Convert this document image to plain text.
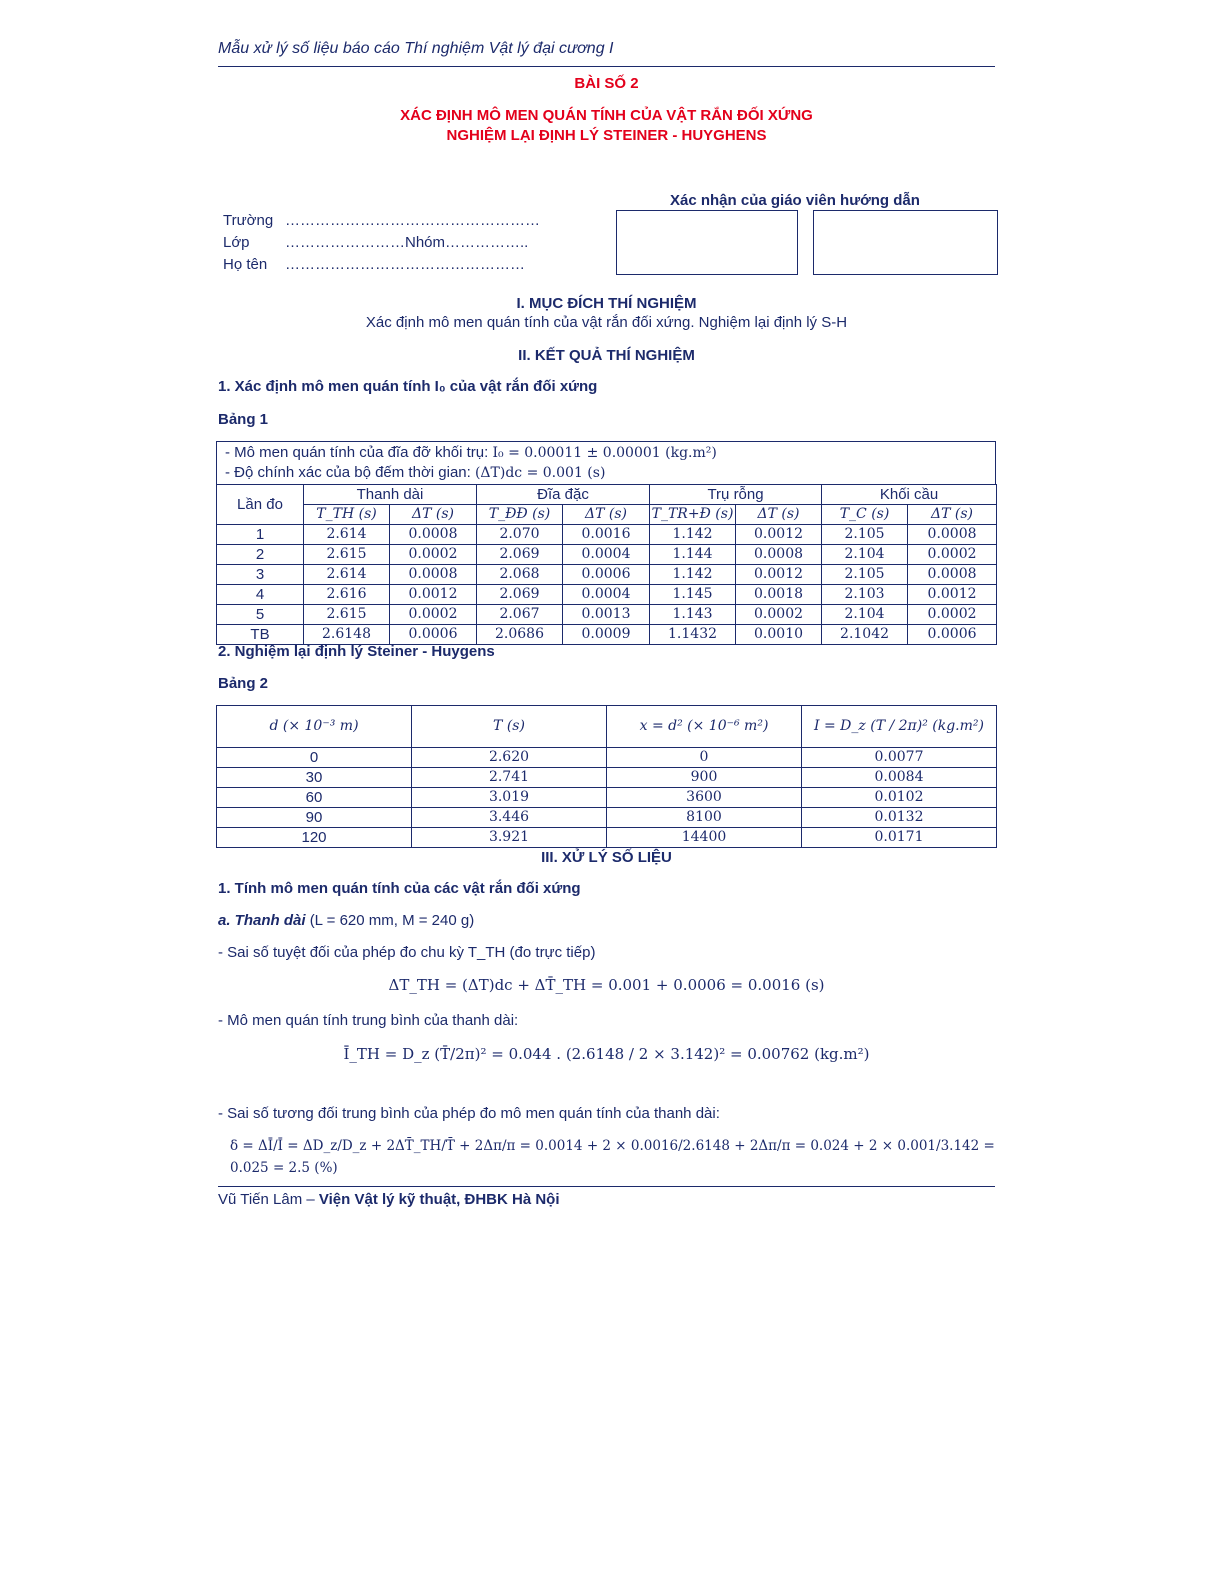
Mẫu xử lý số liệu báo cáo Thí nghiệm Vật lý đại cương I
BÀI SỐ 2
XÁC ĐỊNH MÔ MEN QUÁN TÍNH CỦA VẬT RẮN ĐỐI XỨNG
NGHIỆM LẠI ĐỊNH LÝ STEINER - HUYGHENS
Trường ……………………………………………
Lớp ……………………Nhóm……………..
Họ tên …………………………………………
Xác nhận của giáo viên hướng dẫn
I. MỤC ĐÍCH THÍ NGHIỆM
Xác định mô men quán tính của vật rắn đối xứng. Nghiệm lại định lý S-H
II. KẾT QUẢ THÍ NGHIỆM
1. Xác định mô men quán tính I₀ của vật rắn đối xứng
Bảng 1
- Mô men quán tính của đĩa đỡ khối trụ: I₀ = 0.00011 ± 0.00001 (kg.m²)
- Độ chính xác của bộ đếm thời gian: (ΔT)dc = 0.001 (s)
Lần đo	Thanh dài		Đĩa đặc		Trụ rỗng		Khối cầu	
	T_TH (s)	ΔT (s)	T_ĐĐ (s)	ΔT (s)	T_TR+Đ (s)	ΔT (s)	T_C (s)	ΔT (s)
1	2.614	0.0008	2.070	0.0016	1.142	0.0012	2.105	0.0008
2	2.615	0.0002	2.069	0.0004	1.144	0.0008	2.104	0.0002
3	2.614	0.0008	2.068	0.0006	1.142	0.0012	2.105	0.0008
4	2.616	0.0012	2.069	0.0004	1.145	0.0018	2.103	0.0012
5	2.615	0.0002	2.067	0.0013	1.143	0.0002	2.104	0.0002
TB	2.6148	0.0006	2.0686	0.0009	1.1432	0.0010	2.1042	0.0006
2. Nghiệm lại định lý Steiner - Huygens
Bảng 2
d (× 10⁻³ m)	T (s)	x = d² (× 10⁻⁶ m²)	I = D_z (T / 2π)² (kg.m²)
0	2.620	0	0.0077
30	2.741	900	0.0084
60	3.019	3600	0.0102
90	3.446	8100	0.0132
120	3.921	14400	0.0171
III. XỬ LÝ SỐ LIỆU
1. Tính mô men quán tính của các vật rắn đối xứng
a. Thanh dài (L = 620 mm, M = 240 g)
- Sai số tuyệt đối của phép đo chu kỳ T_TH (đo trực tiếp)
ΔT_TH = (ΔT)dc + ΔT̄_TH = 0.001 + 0.0006 = 0.0016 (s)
- Mô men quán tính trung bình của thanh dài:
Ī_TH = D_z (T̄/2π)² = 0.044 . (2.6148 / 2 × 3.142)² = 0.00762 (kg.m²)
- Sai số tương đối trung bình của phép đo mô men quán tính của thanh dài:
δ = ΔĪ/Ī = ΔD_z/D_z + 2ΔT̄_TH/T̄ + 2Δπ/π = 0.0014 + 2 × 0.0016/2.6148 + 2Δπ/π = 0.024 + 2 × 0.001/3.142 = 0.025 = 2.5 (%)
Vũ Tiến Lâm – Viện Vật lý kỹ thuật, ĐHBK Hà Nội
